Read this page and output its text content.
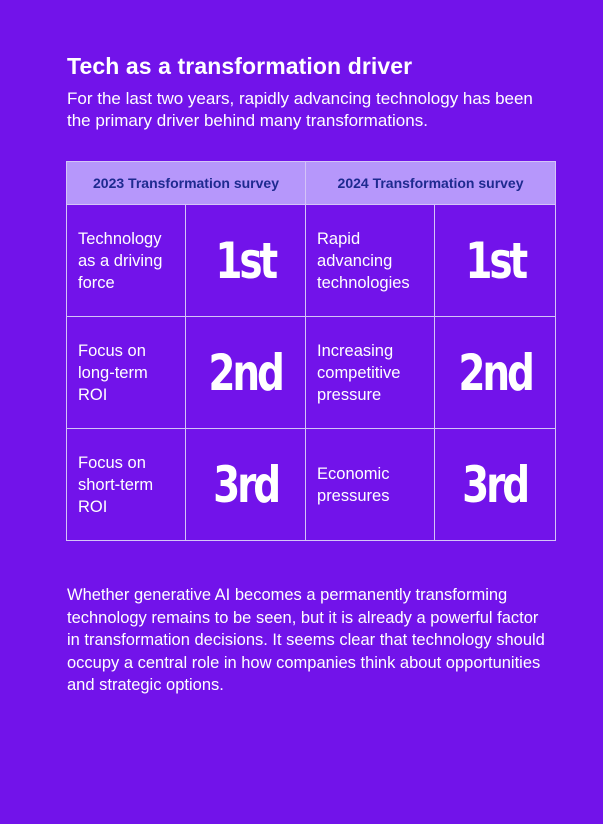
Tech as a transformation driver

For the last two years, rapidly advancing technology has been the primary driver behind many transformations.

2023 Transformation survey		2024 Transformation survey	
Technology as a driving force	1st	Rapid advancing technologies	1st
Focus on long-term ROI	2nd	Increasing competitive pressure	2nd
Focus on short-term ROI	3rd	Economic pressures	3rd

Whether generative AI becomes a permanently transforming technology remains to be seen, but it is already a powerful factor in transformation decisions. It seems clear that technology should occupy a central role in how companies think about opportunities and strategic options.
